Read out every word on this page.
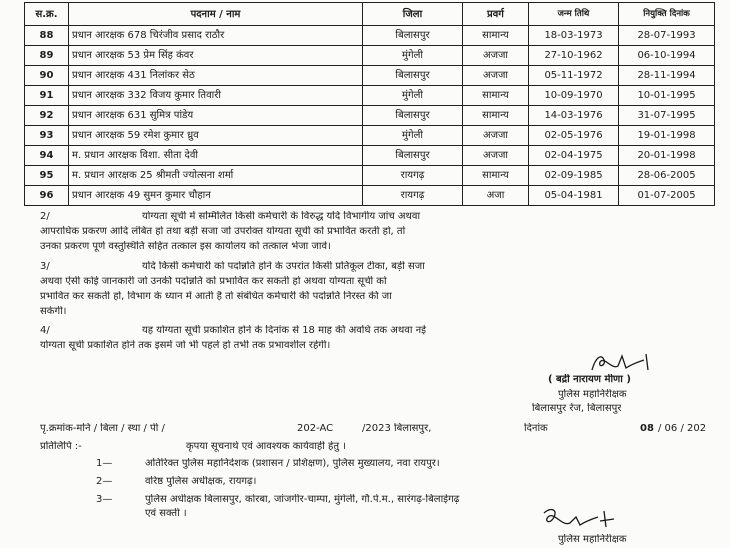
स.क्र.	पदनाम / नाम	जिला	प्रवर्ग	जन्म तिथि	नियुक्ति दिनांक
88	प्रधान आरक्षक 678 चिरंजीव प्रसाद राठौर	बिलासपुर	सामान्य	18-03-1973	28-07-1993
89	प्रधान आरक्षक 53 प्रेम सिंह कंवर	मुंगेली	अजजा	27-10-1962	06-10-1994
90	प्रधान आरक्षक 431 निलांकर सेठ	बिलासपुर	अजजा	05-11-1972	28-11-1994
91	प्रधान आरक्षक 332 विजय कुमार तिवारी	मुंगेली	सामान्य	10-09-1970	10-01-1995
92	प्रधान आरक्षक 631 सुमित्र पांडेय	बिलासपुर	सामान्य	14-03-1976	31-07-1995
93	प्रधान आरक्षक 59 रमेश कुमार ध्रुव	मुंगेली	अजजा	02-05-1976	19-01-1998
94	म. प्रधान आरक्षक विशा. सीता देवी	बिलासपुर	अजजा	02-04-1975	20-01-1998
95	म. प्रधान आरक्षक 25 श्रीमती ज्योत्सना शर्मा	रायगढ़	सामान्य	02-09-1985	28-06-2005
96	प्रधान आरक्षक 49 सुमन कुमार चौहान	रायगढ़	अजा	05-04-1981	01-07-2005
2/	योग्यता सूची में सम्मिलित किसी कर्मचारी के विरुद्ध यदि विभागीय जांच अथवा
आपराधिक प्रकरण आदि लंबित हो तथा बड़ी सजा जो उपरोक्त योग्यता सूची को प्रभावित करती हो, तो
उनका प्रकरण पूर्ण वस्तुस्थिति सहित तत्काल इस कार्यालय को तत्काल भेजा जावे।
3/	यदि किसी कर्मचारी को पदोन्नति होने के उपरांत किसी प्रतिकूल टीका, बड़ी सजा
अथवा ऐसी कोई जानकारी जो उनकी पदोन्नति को प्रभावित कर सकती हो अथवा योग्यता सूची को
प्रभावित कर सकती हो, विभाग के ध्यान में आती है तो संबंधित कर्मचारी की पदोन्नति निरस्त की जा
सकेगी।
4/	यह योग्यता सूची प्रकाशित होने के दिनांक से 18 माह की अवधि तक अथवा नई
योग्यता सूची प्रकाशित होने तक इसमें जो भी पहले हो तभी तक प्रभावशील रहेगी।
( बद्री नारायण मीणा )
पुलिस महानिरीक्षक
बिलासपुर रेंज, बिलासपुर
पृ.क्रमांक-मनि / बिला / स्था / पी /	202-AC	/2023 बिलासपुर,	दिनांक	08 / 06 / 202
प्रतिलिपि :-	कृपया सूचनार्थ एवं आवश्यक कार्यवाही हेतु ।
1—	अतिरिक्त पुलिस महानिदेशक (प्रशासन / प्रशिक्षण), पुलिस मुख्यालय, नवा रायपुर।
2—	वरिष्ठ पुलिस अधीक्षक, रायगढ़।
3—	पुलिस अधीक्षक बिलासपुर, कोरबा, जांजगीर-चाम्पा, मुंगेली, गौ.पे.म., सारंगढ़-बिलाईगढ़
एवं सक्ती ।
पुलिस महानिरीक्षक
